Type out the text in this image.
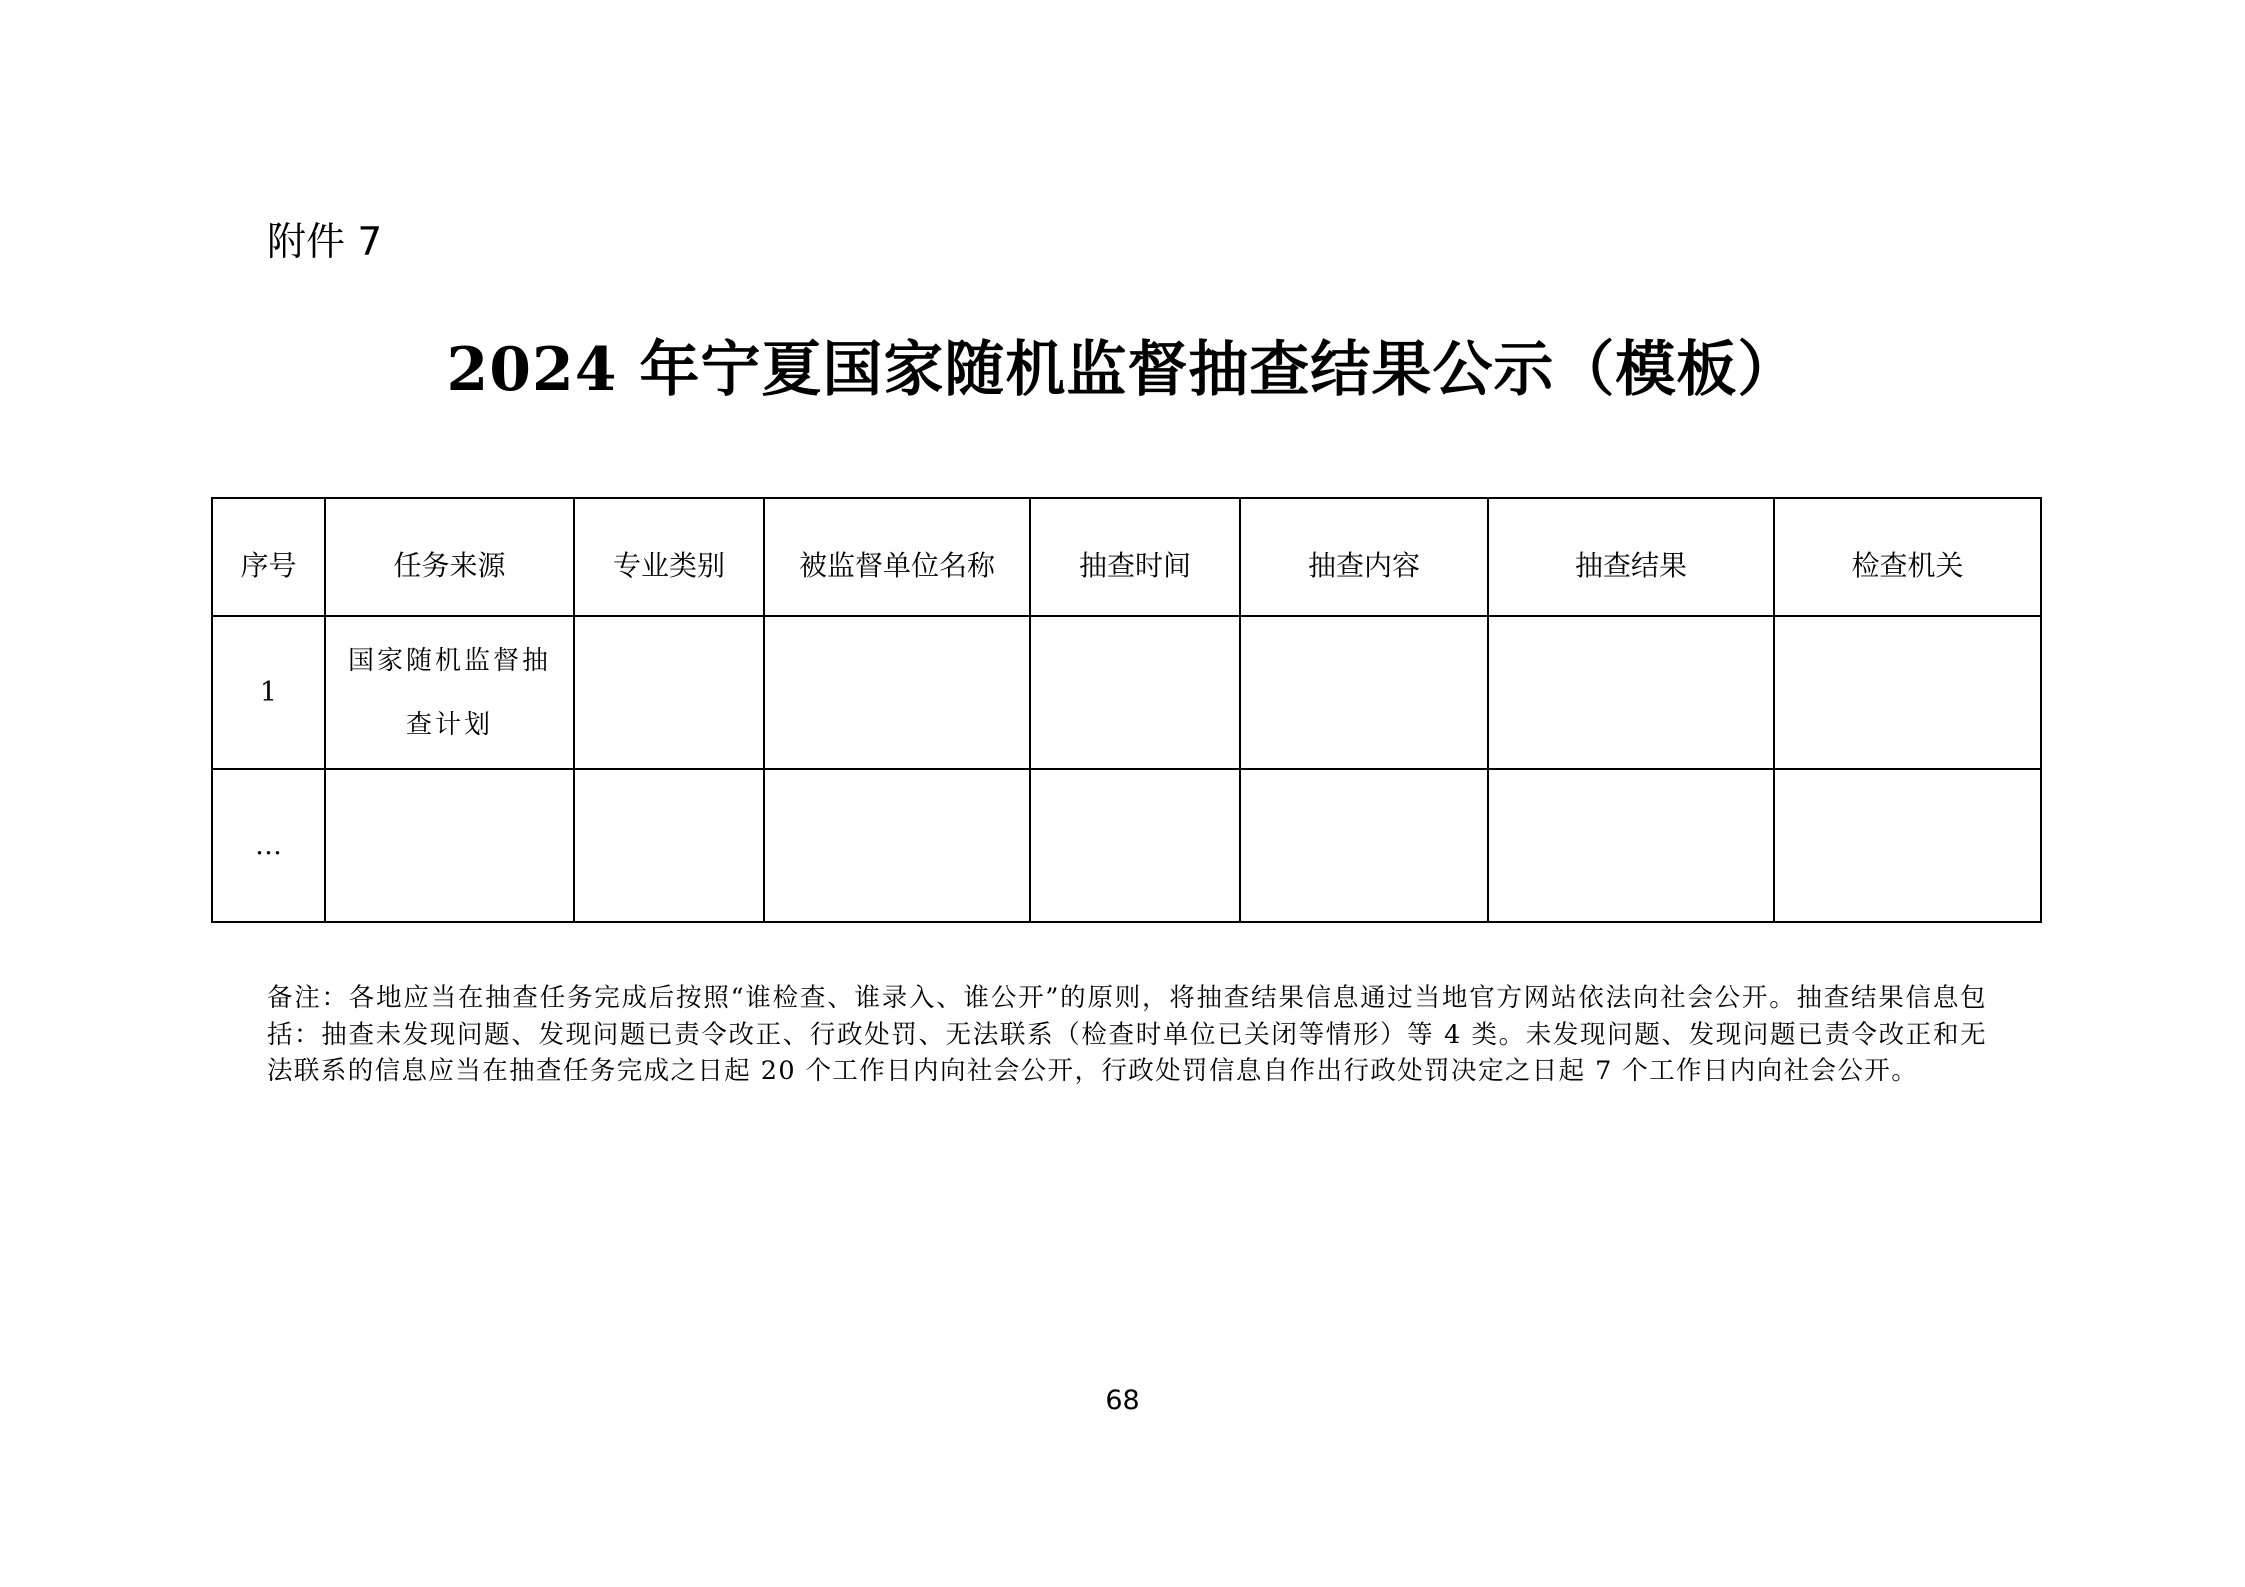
附件 7
2024 年宁夏国家随机监督抽查结果公示（模板）
序号	任务来源	专业类别	被监督单位名称	抽查时间	抽查内容	抽查结果	检查机关
1	国家随机监督抽查计划						

…							
备注：各地应当在抽查任务完成后按照“谁检查、谁录入、谁公开”的原则，将抽查结果信息通过当地官方网站依法向社会公开。抽查结果信息包括：抽查未发现问题、发现问题已责令改正、行政处罚、无法联系（检查时单位已关闭等情形）等 4 类。未发现问题、发现问题已责令改正和无法联系的信息应当在抽查任务完成之日起 20 个工作日内向社会公开，行政处罚信息自作出行政处罚决定之日起 7 个工作日内向社会公开。
68
